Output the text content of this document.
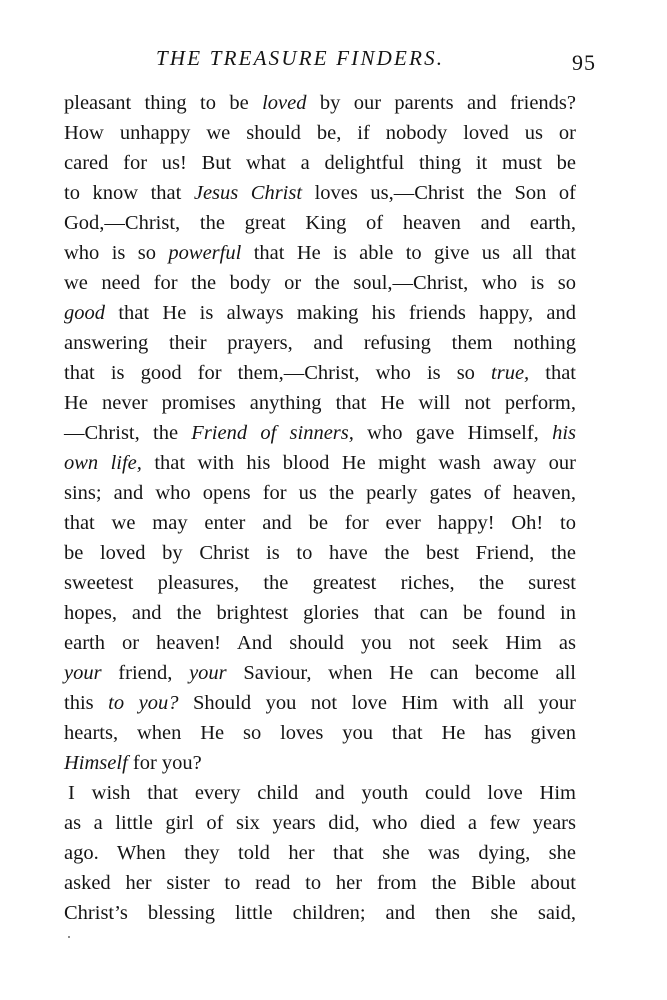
THE TREASURE FINDERS.	95
pleasant thing to be loved by our parents and friends?
How unhappy we should be, if nobody loved us or
cared for us! But what a delightful thing it must be
to know that Jesus Christ loves us,—Christ the Son of
God,—Christ, the great King of heaven and earth,
who is so powerful that He is able to give us all that
we need for the body or the soul,—Christ, who is so
good that He is always making his friends happy, and
answering their prayers, and refusing them nothing
that is good for them,—Christ, who is so true, that
He never promises anything that He will not perform,
—Christ, the Friend of sinners, who gave Himself, his
own life, that with his blood He might wash away our
sins; and who opens for us the pearly gates of heaven,
that we may enter and be for ever happy! Oh! to
be loved by Christ is to have the best Friend, the
sweetest pleasures, the greatest riches, the surest
hopes, and the brightest glories that can be found in
earth or heaven! And should you not seek Him as
your friend, your Saviour, when He can become all
this to you? Should you not love Him with all your
hearts, when He so loves you that He has given
Himself for you?
I wish that every child and youth could love Him
as a little girl of six years did, who died a few years
ago. When they told her that she was dying, she
asked her sister to read to her from the Bible about
Christ’s blessing little children; and then she said,
